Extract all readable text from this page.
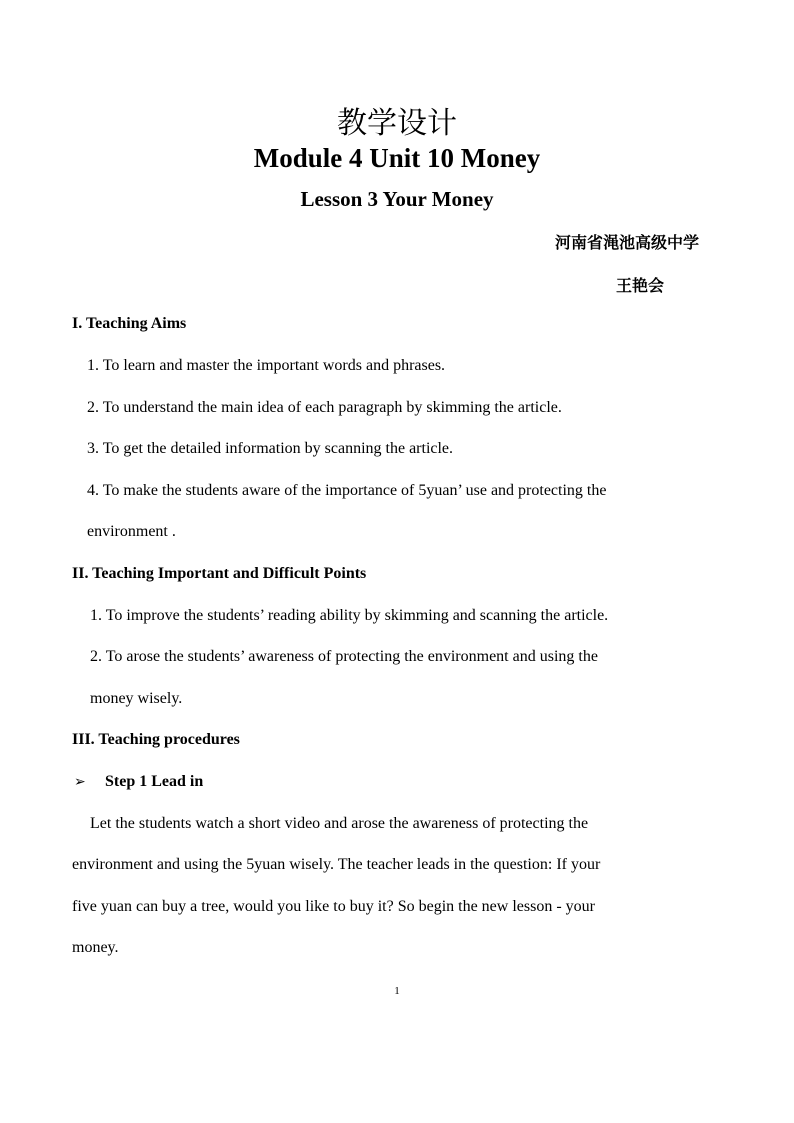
教学设计
Module 4 Unit 10 Money
Lesson 3 Your Money
河南省渑池高级中学
王艳会
I. Teaching Aims
1. To learn and master the important words and phrases.
2. To understand the main idea of each paragraph by skimming the article.
3. To get the detailed information by scanning the article.
4. To make the students aware of the importance of 5yuan’ use and protecting the
environment .
II. Teaching Important and Difficult Points
1. To improve the students’ reading ability by skimming and scanning the article.
2. To arose the students’ awareness of protecting the environment and using the
money wisely.
III. Teaching procedures
➢ Step 1 Lead in
Let the students watch a short video and arose the awareness of protecting the
environment and using the 5yuan wisely. The teacher leads in the question: If your
five yuan can buy a tree, would you like to buy it? So begin the new lesson - your
money.
1
